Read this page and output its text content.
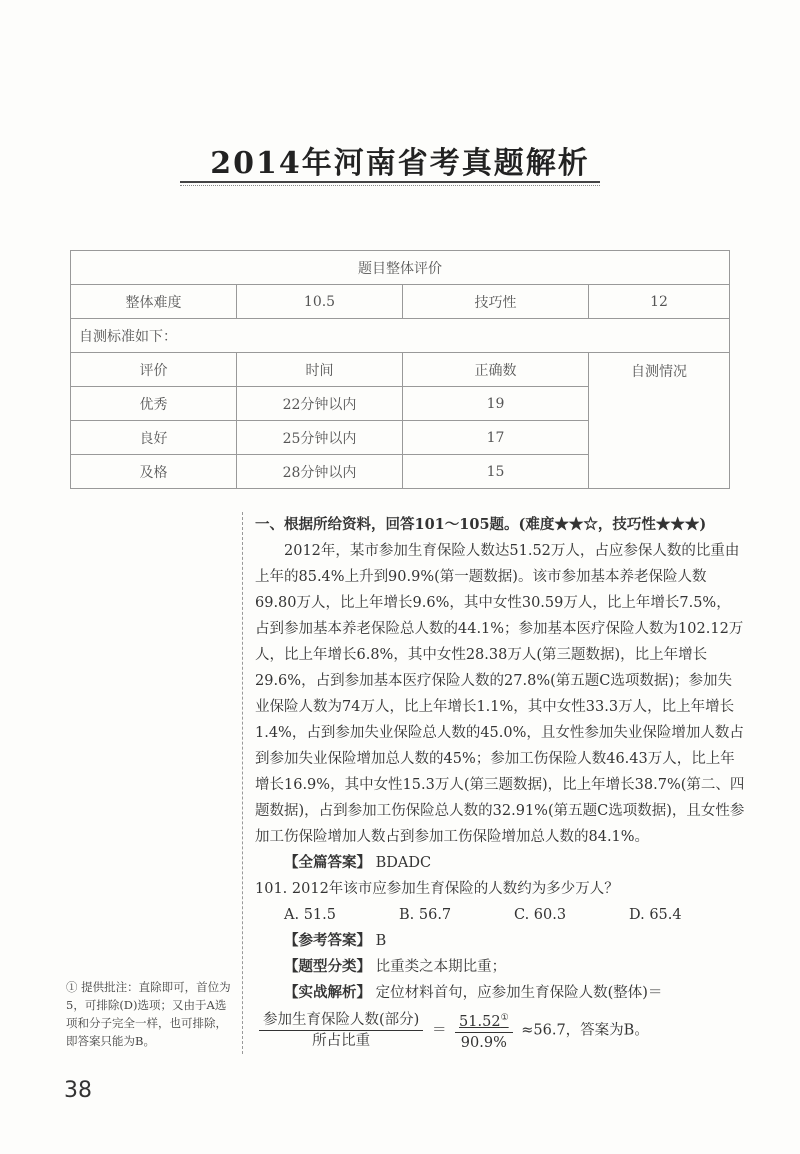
2014年河南省考真题解析
题目整体评价			
整体难度	10.5	技巧性	12
自测标准如下：			
评价	时间	正确数	自测情况
优秀	22分钟以内	19	
良好	25分钟以内	17	
及格	28分钟以内	15	

一、根据所给资料，回答101～105题。(难度★★☆，技巧性★★★)

2012年，某市参加生育保险人数达51.52万人，占应参保人数的比重由上年的85.4%上升到90.9%(第一题数据)。该市参加基本养老保险人数69.80万人，比上年增长9.6%，其中女性30.59万人，比上年增长7.5%，占到参加基本养老保险总人数的44.1%；参加基本医疗保险人数为102.12万人，比上年增长6.8%，其中女性28.38万人(第三题数据)，比上年增长29.6%，占到参加基本医疗保险人数的27.8%(第五题C选项数据)；参加失业保险人数为74万人，比上年增长1.1%，其中女性33.3万人，比上年增长1.4%，占到参加失业保险总人数的45.0%，且女性参加失业保险增加人数占到参加失业保险增加总人数的45%；参加工伤保险人数46.43万人，比上年增长16.9%，其中女性15.3万人(第三题数据)，比上年增长38.7%(第二、四题数据)，占到参加工伤保险总人数的32.91%(第五题C选项数据)，且女性参加工伤保险增加人数占到参加工伤保险增加总人数的84.1%。

【全篇答案】 BDADC

101. 2012年该市应参加生育保险的人数约为多少万人？

A. 51.5	B. 56.7	C. 60.3	D. 65.4

【参考答案】 B

【题型分类】 比重类之本期比重；

【实战解析】 定位材料首句，应参加生育保险人数(整体)＝

$\frac{\text{参加生育保险人数(部分)}}{\text{所占比重}} = \frac{51.52^①}{90.9\%} \approx 56.7$，答案为B。

① 提供批注：直除即可，首位为5，可排除(D)选项；又由于A选项和分子完全一样，也可排除，即答案只能为B。
38
